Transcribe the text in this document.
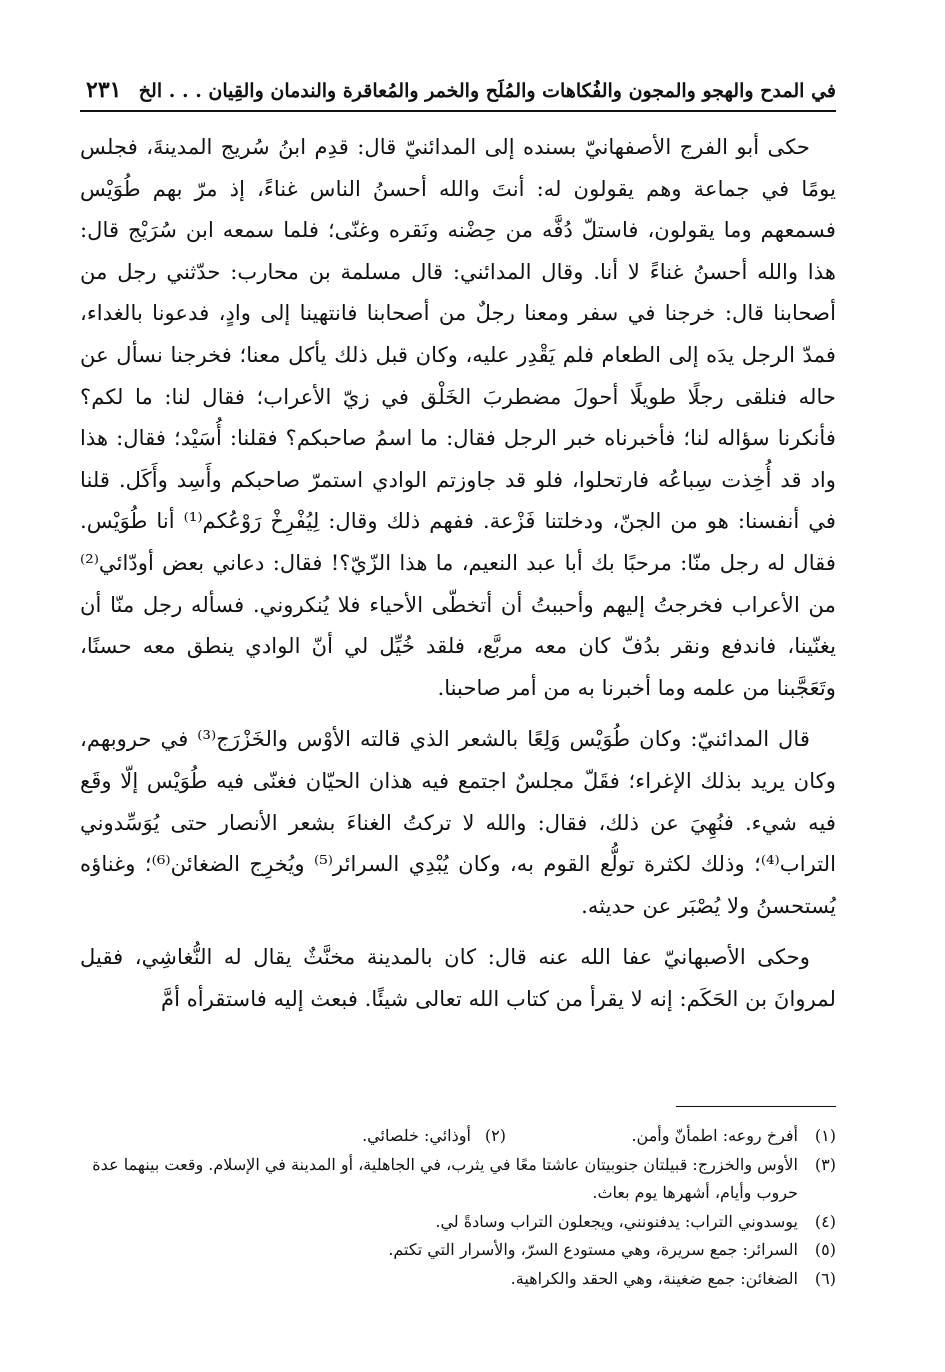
في المدح والهجو والمجون والفُكاهات والمُلَح والخمر والمُعاقرة والندمان والقِيان . . . الخ
٢٣١

حكى أبو الفرج الأصفهانيّ بسنده إلى المدائنيّ قال: قدِم ابنُ سُريج المدينةَ، فجلس يومًا في جماعة وهم يقولون له: أنتَ والله أحسنُ الناس غناءً، إذ مرّ بهم طُوَيْس فسمعهم وما يقولون، فاستلّ دُفَّه من حِضْنه ونَقره وغنّى؛ فلما سمعه ابن سُرَيْج قال: هذا والله أحسنُ غناءً لا أنا. وقال المدائني: قال مسلمة بن محارب: حدّثني رجل من أصحابنا قال: خرجنا في سفر ومعنا رجلٌ من أصحابنا فانتهينا إلى وادٍ، فدعونا بالغداء، فمدّ الرجل يدَه إلى الطعام فلم يَقْدِر عليه، وكان قبل ذلك يأكل معنا؛ فخرجنا نسأل عن حاله فنلقى رجلًا طويلًا أحولَ مضطربَ الخَلْق في زيّ الأعراب؛ فقال لنا: ما لكم؟ فأنكرنا سؤاله لنا؛ فأخبرناه خبر الرجل فقال: ما اسمُ صاحبكم؟ فقلنا: أُسَيْد؛ فقال: هذا واد قد أُخِذت سِباعُه فارتحلوا، فلو قد جاوزتم الوادي استمرّ صاحبكم وأَسِد وأَكَل. قلنا في أنفسنا: هو من الجنّ، ودخلتنا فَزْعة. ففهم ذلك وقال: لِيُفْرِخْ رَوْعُكم⁽¹⁾ أنا طُوَيْس. فقال له رجل منّا: مرحبًا بك أبا عبد النعيم، ما هذا الزّيّ؟! فقال: دعاني بعض أودّائي⁽²⁾ من الأعراب فخرجتُ إليهم وأحببتُ أن أتخطّى الأحياء فلا يُنكروني. فسأله رجل منّا أن يغنّينا، فاندفع ونقر بدُفّ كان معه مربَّع، فلقد خُيِّل لي أنّ الوادي ينطق معه حسنًا، وتَعَجَّبنا من علمه وما أخبرنا به من أمر صاحبنا.

قال المدائنيّ: وكان طُوَيْس وَلِعًا بالشعر الذي قالته الأوْس والخَزْرَج⁽³⁾ في حروبهم، وكان يريد بذلك الإغراء؛ فقَلّ مجلسٌ اجتمع فيه هذان الحيّان فغنّى فيه طُوَيْس إلّا وقَع فيه شيء. فنُهِيَ عن ذلك، فقال: والله لا تركتُ الغناءَ بشعر الأنصار حتى يُوَسِّدوني التراب⁽⁴⁾؛ وذلك لكثرة تولُّع القوم به، وكان يُبْدِي السرائر⁽⁵⁾ ويُخرِج الضغائن⁽⁶⁾؛ وغناؤه يُستحسنُ ولا يُصْبَر عن حديثه.

وحكى الأصبهانيّ عفا الله عنه قال: كان بالمدينة مخنَّثٌ يقال له النُّغاشِي، فقيل لمروانَ بن الحَكَم: إنه لا يقرأ من كتاب الله تعالى شيئًا. فبعث إليه فاستقرأه أمَّ

(١)
أفرخ روعه: اطمأنّ وأمن.
(٢)
أوذائي: خلصائي.
(٣)
الأوس والخزرج: قبيلتان جنوبيتان عاشتا معًا في يثرب، في الجاهلية، أو المدينة في الإسلام. وقعت بينهما عدة حروب وأيام، أشهرها يوم بعاث.
(٤)
يوسدوني التراب: يدفنونني، ويجعلون التراب وسادةً لي.
(٥)
السرائر: جمع سريرة، وهي مستودع السرّ، والأسرار التي تكتم.
(٦)
الضغائن: جمع ضغينة، وهي الحقد والكراهية.
